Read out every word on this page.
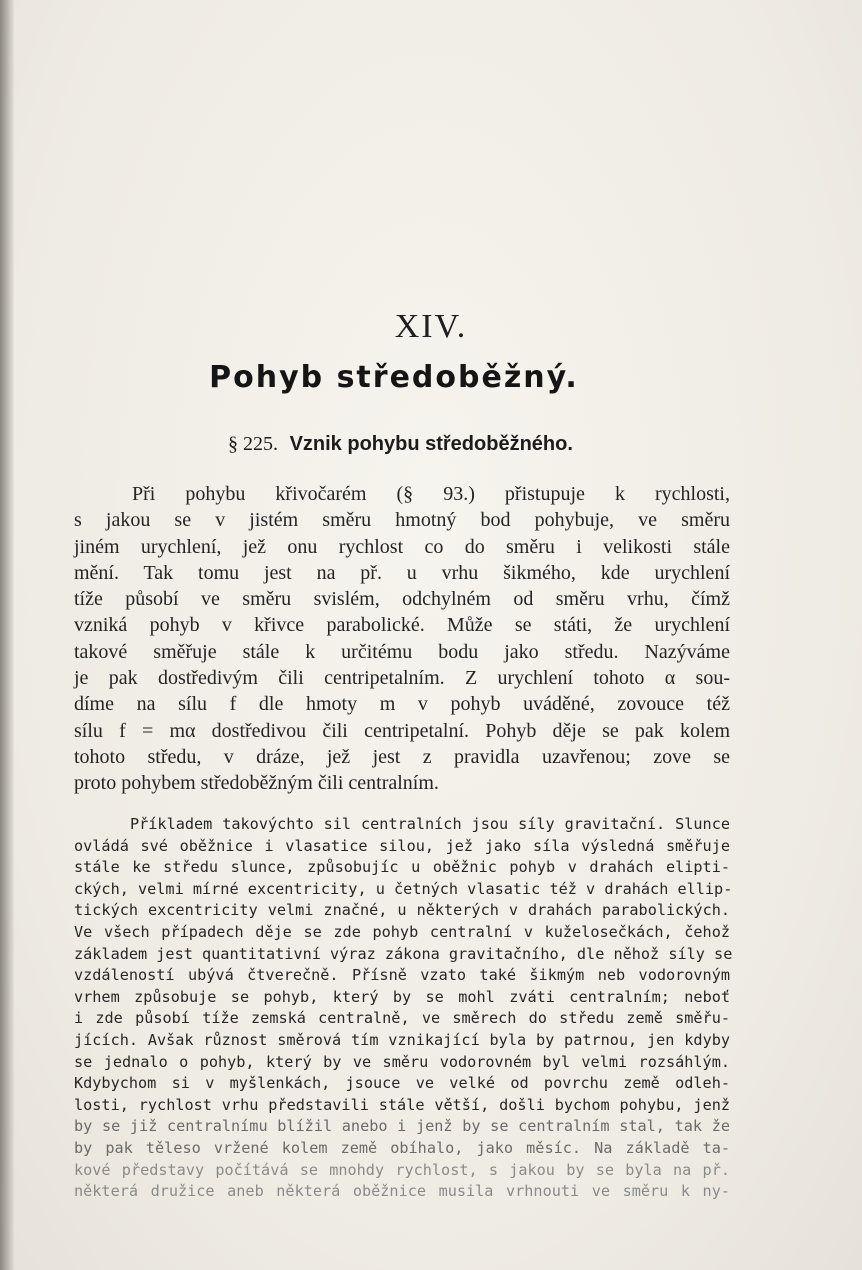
XIV.
Pohyb středoběžný.
§ 225. Vznik pohybu středoběžného.
Při pohybu křivočarém (§ 93.) přistupuje k rychlosti,
s jakou se v jistém směru hmotný bod pohybuje, ve směru
jiném urychlení, jež onu rychlost co do směru i velikosti stále
mění. Tak tomu jest na př. u vrhu šikmého, kde urychlení
tíže působí ve směru svislém, odchylném od směru vrhu, čímž
vzniká pohyb v křivce parabolické. Může se státi, že urychlení
takové směřuje stále k určitému bodu jako středu. Nazýváme
je pak dostředivým čili centripetalním. Z urychlení tohoto α sou-
díme na sílu f dle hmoty m v pohyb uváděné, zovouce též
sílu f = mα dostředivou čili centripetalní. Pohyb děje se pak kolem
tohoto středu, v dráze, jež jest z pravidla uzavřenou; zove se
proto pohybem středoběžným čili centralním.
Příkladem takovýchto sil centralních jsou síly gravitační. Slunce
ovládá své oběžnice i vlasatice silou, jež jako síla výsledná směřuje
stále ke středu slunce, způsobujíc u oběžnic pohyb v drahách elipti-
ckých, velmi mírné excentricity, u četných vlasatic též v drahách ellip-
tických excentricity velmi značné, u některých v drahách parabolických.
Ve všech případech děje se zde pohyb centralní v kuželosečkách, čehož
základem jest quantitativní výraz zákona gravitačního, dle něhož síly se
vzdáleností ubývá čtverečně. Přísně vzato také šikmým neb vodorovným
vrhem způsobuje se pohyb, který by se mohl zváti centralním; neboť
i zde působí tíže zemská centralně, ve směrech do středu země směřu-
jících. Avšak různost směrová tím vznikající byla by patrnou, jen kdyby
se jednalo o pohyb, který by ve směru vodorovném byl velmi rozsáhlým.
Kdybychom si v myšlenkách, jsouce ve velké od povrchu země odleh-
losti, rychlost vrhu představili stále větší, došli bychom pohybu, jenž
by se již centralnímu blížil anebo i jenž by se centralním stal, tak že
by pak těleso vržené kolem země obíhalo, jako měsíc. Na základě ta-
kové představy počítává se mnohdy rychlost, s jakou by se byla na př.
některá družice aneb některá oběžnice musila vrhnouti ve směru k ny-
